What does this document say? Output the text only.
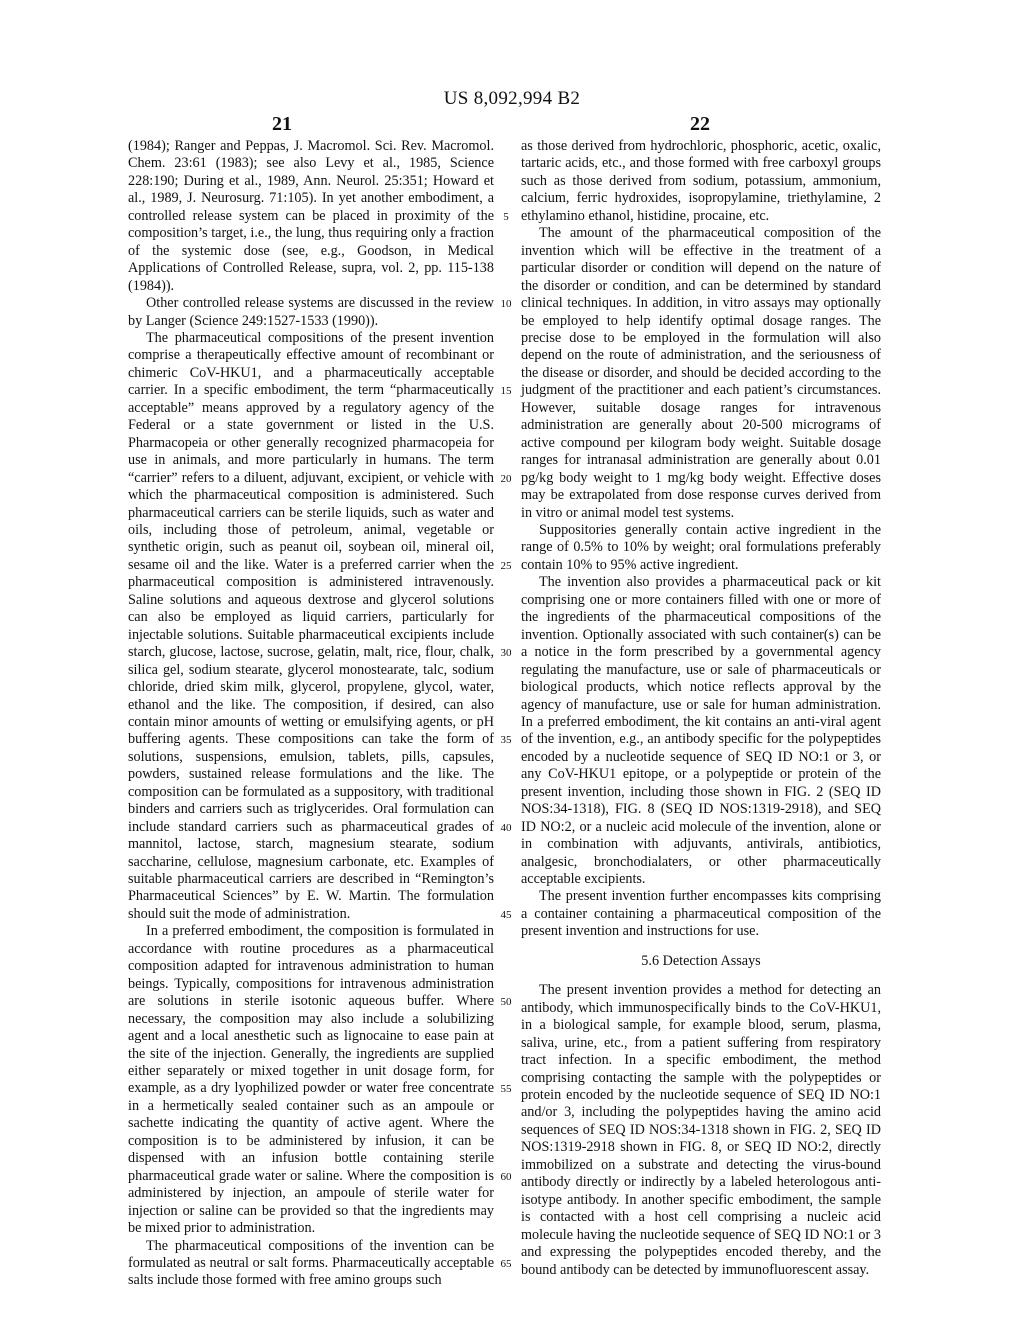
US 8,092,994 B2
21	22

(1984); Ranger and Peppas, J. Macromol. Sci. Rev. Macromol. Chem. 23:61 (1983); see also Levy et al., 1985, Science 228:190; During et al., 1989, Ann. Neurol. 25:351; Howard et al., 1989, J. Neurosurg. 71:105). In yet another embodiment, a controlled release system can be placed in proximity of the composition’s target, i.e., the lung, thus requiring only a fraction of the systemic dose (see, e.g., Goodson, in Medical Applications of Controlled Release, supra, vol. 2, pp. 115-138 (1984)).

Other controlled release systems are discussed in the review by Langer (Science 249:1527-1533 (1990)).

The pharmaceutical compositions of the present invention comprise a therapeutically effective amount of recombinant or chimeric CoV-HKU1, and a pharmaceutically acceptable carrier. In a specific embodiment, the term “pharmaceutically acceptable” means approved by a regulatory agency of the Federal or a state government or listed in the U.S. Pharmacopeia or other generally recognized pharmacopeia for use in animals, and more particularly in humans. The term “carrier” refers to a diluent, adjuvant, excipient, or vehicle with which the pharmaceutical composition is administered. Such pharmaceutical carriers can be sterile liquids, such as water and oils, including those of petroleum, animal, vegetable or synthetic origin, such as peanut oil, soybean oil, mineral oil, sesame oil and the like. Water is a preferred carrier when the pharmaceutical composition is administered intravenously. Saline solutions and aqueous dextrose and glycerol solutions can also be employed as liquid carriers, particularly for injectable solutions. Suitable pharmaceutical excipients include starch, glucose, lactose, sucrose, gelatin, malt, rice, flour, chalk, silica gel, sodium stearate, glycerol monostearate, talc, sodium chloride, dried skim milk, glycerol, propylene, glycol, water, ethanol and the like. The composition, if desired, can also contain minor amounts of wetting or emulsifying agents, or pH buffering agents. These compositions can take the form of solutions, suspensions, emulsion, tablets, pills, capsules, powders, sustained release formulations and the like. The composition can be formulated as a suppository, with traditional binders and carriers such as triglycerides. Oral formulation can include standard carriers such as pharmaceutical grades of mannitol, lactose, starch, magnesium stearate, sodium saccharine, cellulose, magnesium carbonate, etc. Examples of suitable pharmaceutical carriers are described in “Remington’s Pharmaceutical Sciences” by E. W. Martin. The formulation should suit the mode of administration.

In a preferred embodiment, the composition is formulated in accordance with routine procedures as a pharmaceutical composition adapted for intravenous administration to human beings. Typically, compositions for intravenous administration are solutions in sterile isotonic aqueous buffer. Where necessary, the composition may also include a solubilizing agent and a local anesthetic such as lignocaine to ease pain at the site of the injection. Generally, the ingredients are supplied either separately or mixed together in unit dosage form, for example, as a dry lyophilized powder or water free concentrate in a hermetically sealed container such as an ampoule or sachette indicating the quantity of active agent. Where the composition is to be administered by infusion, it can be dispensed with an infusion bottle containing sterile pharmaceutical grade water or saline. Where the composition is administered by injection, an ampoule of sterile water for injection or saline can be provided so that the ingredients may be mixed prior to administration.

The pharmaceutical compositions of the invention can be formulated as neutral or salt forms. Pharmaceutically acceptable salts include those formed with free amino groups such

5
10
15
20
25
30
35
40
45
50
55
60
65

as those derived from hydrochloric, phosphoric, acetic, oxalic, tartaric acids, etc., and those formed with free carboxyl groups such as those derived from sodium, potassium, ammonium, calcium, ferric hydroxides, isopropylamine, triethylamine, 2 ethylamino ethanol, histidine, procaine, etc.

The amount of the pharmaceutical composition of the invention which will be effective in the treatment of a particular disorder or condition will depend on the nature of the disorder or condition, and can be determined by standard clinical techniques. In addition, in vitro assays may optionally be employed to help identify optimal dosage ranges. The precise dose to be employed in the formulation will also depend on the route of administration, and the seriousness of the disease or disorder, and should be decided according to the judgment of the practitioner and each patient’s circumstances. However, suitable dosage ranges for intravenous administration are generally about 20-500 micrograms of active compound per kilogram body weight. Suitable dosage ranges for intranasal administration are generally about 0.01 pg/kg body weight to 1 mg/kg body weight. Effective doses may be extrapolated from dose response curves derived from in vitro or animal model test systems.

Suppositories generally contain active ingredient in the range of 0.5% to 10% by weight; oral formulations preferably contain 10% to 95% active ingredient.

The invention also provides a pharmaceutical pack or kit comprising one or more containers filled with one or more of the ingredients of the pharmaceutical compositions of the invention. Optionally associated with such container(s) can be a notice in the form prescribed by a governmental agency regulating the manufacture, use or sale of pharmaceuticals or biological products, which notice reflects approval by the agency of manufacture, use or sale for human administration. In a preferred embodiment, the kit contains an anti-viral agent of the invention, e.g., an antibody specific for the polypeptides encoded by a nucleotide sequence of SEQ ID NO:1 or 3, or any CoV-HKU1 epitope, or a polypeptide or protein of the present invention, including those shown in FIG. 2 (SEQ ID NOS:34-1318), FIG. 8 (SEQ ID NOS:1319-2918), and SEQ ID NO:2, or a nucleic acid molecule of the invention, alone or in combination with adjuvants, antivirals, antibiotics, analgesic, bronchodialaters, or other pharmaceutically acceptable excipients.

The present invention further encompasses kits comprising a container containing a pharmaceutical composition of the present invention and instructions for use.

5.6 Detection Assays

The present invention provides a method for detecting an antibody, which immunospecifically binds to the CoV-HKU1, in a biological sample, for example blood, serum, plasma, saliva, urine, etc., from a patient suffering from respiratory tract infection. In a specific embodiment, the method comprising contacting the sample with the polypeptides or protein encoded by the nucleotide sequence of SEQ ID NO:1 and/or 3, including the polypeptides having the amino acid sequences of SEQ ID NOS:34-1318 shown in FIG. 2, SEQ ID NOS:1319-2918 shown in FIG. 8, or SEQ ID NO:2, directly immobilized on a substrate and detecting the virus-bound antibody directly or indirectly by a labeled heterologous anti-isotype antibody. In another specific embodiment, the sample is contacted with a host cell comprising a nucleic acid molecule having the nucleotide sequence of SEQ ID NO:1 or 3 and expressing the polypeptides encoded thereby, and the bound antibody can be detected by immunofluorescent assay.
